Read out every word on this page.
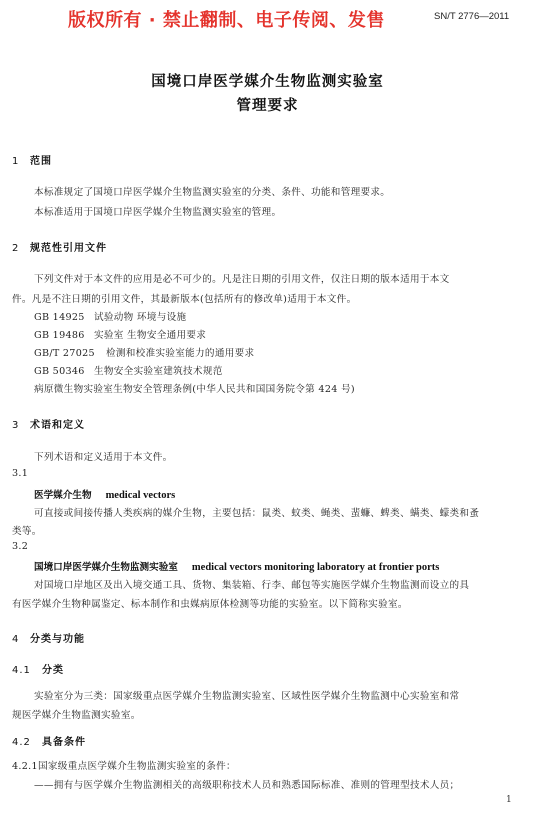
版权所有 · 禁止翻制、电子传阅、发售	SN/T 2776—2011
国境口岸医学媒介生物监测实验室
管理要求
1 范围
本标准规定了国境口岸医学媒介生物监测实验室的分类、条件、功能和管理要求。
本标准适用于国境口岸医学媒介生物监测实验室的管理。
2 规范性引用文件
下列文件对于本文件的应用是必不可少的。凡是注日期的引用文件，仅注日期的版本适用于本文
件。凡是不注日期的引用文件，其最新版本(包括所有的修改单)适用于本文件。
GB 14925 试验动物 环境与设施
GB 19486 实验室 生物安全通用要求
GB/T 27025 检测和校准实验室能力的通用要求
GB 50346 生物安全实验室建筑技术规范
病原微生物实验室生物安全管理条例(中华人民共和国国务院令第 424 号)
3 术语和定义
下列术语和定义适用于本文件。
3.1
医学媒介生物 medical vectors
可直接或间接传播人类疾病的媒介生物，主要包括：鼠类、蚊类、蝇类、蜚蠊、蜱类、螨类、蠓类和蚤
类等。
3.2
国境口岸医学媒介生物监测实验室 medical vectors monitoring laboratory at frontier ports
对国境口岸地区及出入境交通工具、货物、集装箱、行李、邮包等实施医学媒介生物监测而设立的具
有医学媒介生物种属鉴定、标本制作和虫媒病原体检测等功能的实验室。以下简称实验室。
4 分类与功能
4.1 分类
实验室分为三类：国家级重点医学媒介生物监测实验室、区域性医学媒介生物监测中心实验室和常
规医学媒介生物监测实验室。
4.2 具备条件
4.2.1国家级重点医学媒介生物监测实验室的条件：
——拥有与医学媒介生物监测相关的高级职称技术人员和熟悉国际标准、准则的管理型技术人员；
1
